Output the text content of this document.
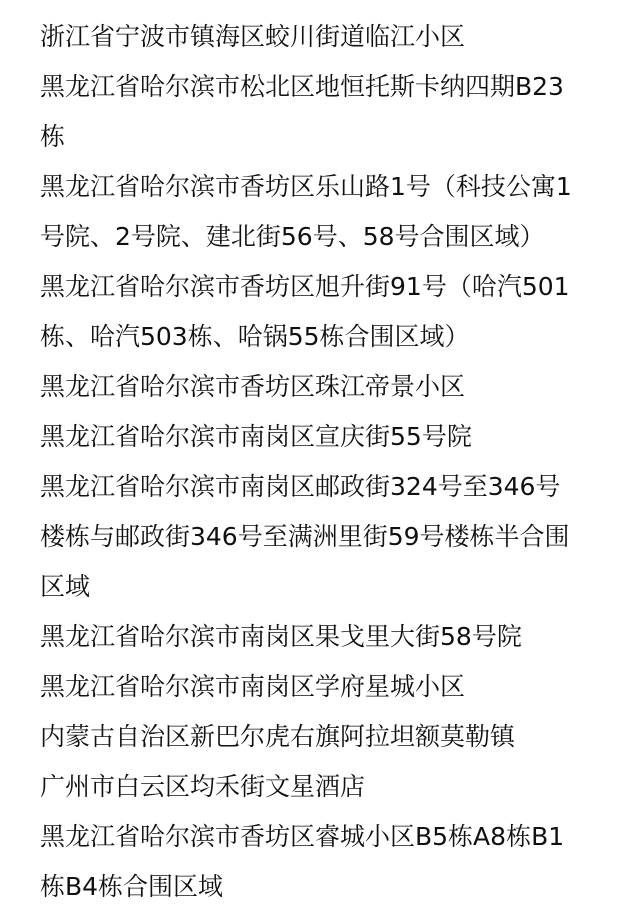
浙江省宁波市镇海区蛟川街道临江小区
黑龙江省哈尔滨市松北区地恒托斯卡纳四期B23
栋
黑龙江省哈尔滨市香坊区乐山路1号（科技公寓1
号院、2号院、建北街56号、58号合围区域）
黑龙江省哈尔滨市香坊区旭升街91号（哈汽501
栋、哈汽503栋、哈锅55栋合围区域）
黑龙江省哈尔滨市香坊区珠江帝景小区
黑龙江省哈尔滨市南岗区宣庆街55号院
黑龙江省哈尔滨市南岗区邮政街324号至346号
楼栋与邮政街346号至满洲里街59号楼栋半合围
区域
黑龙江省哈尔滨市南岗区果戈里大街58号院
黑龙江省哈尔滨市南岗区学府星城小区
内蒙古自治区新巴尔虎右旗阿拉坦额莫勒镇
广州市白云区均禾街文星酒店
黑龙江省哈尔滨市香坊区睿城小区B5栋A8栋B1
栋B4栋合围区域
